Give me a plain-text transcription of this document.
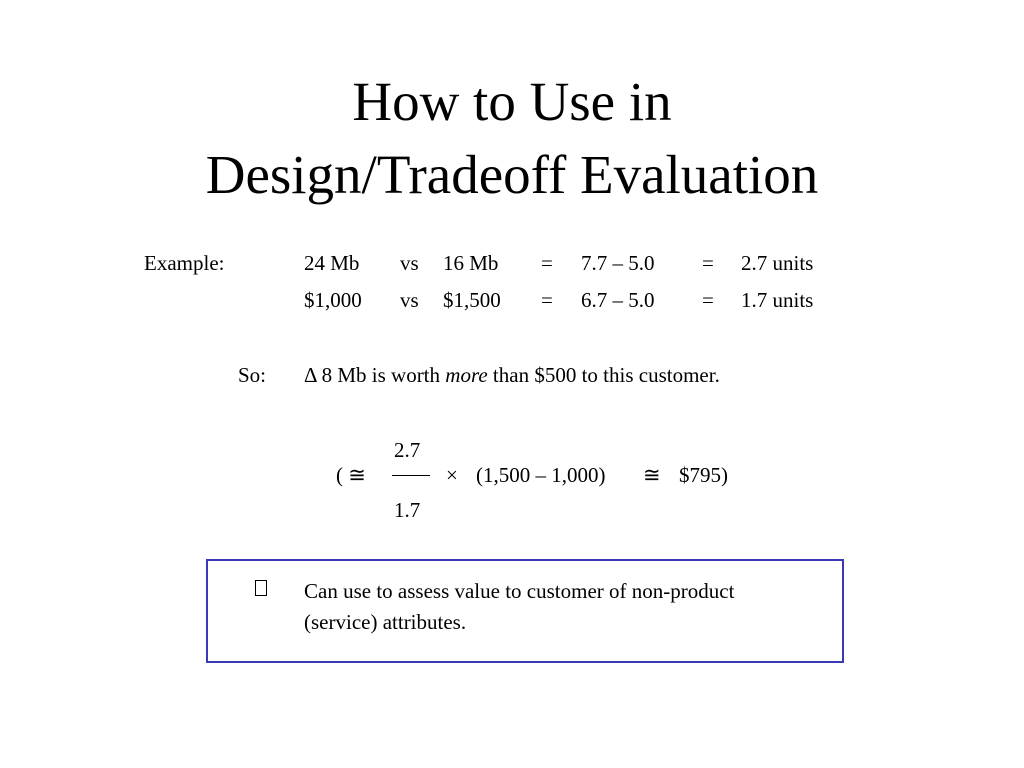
How to Use in
Design/Tradeoff Evaluation
Example:	24 Mb vs 16 Mb = 7.7 – 5.0 = 2.7 units
$1,000 vs $1,500 = 6.7 – 5.0 = 1.7 units
So: Δ 8 Mb is worth more than $500 to this customer.
2.7
( ≅	× (1,500 – 1,000) ≅ $795)
1.7
Can use to assess value to customer of non-product
(service) attributes.
